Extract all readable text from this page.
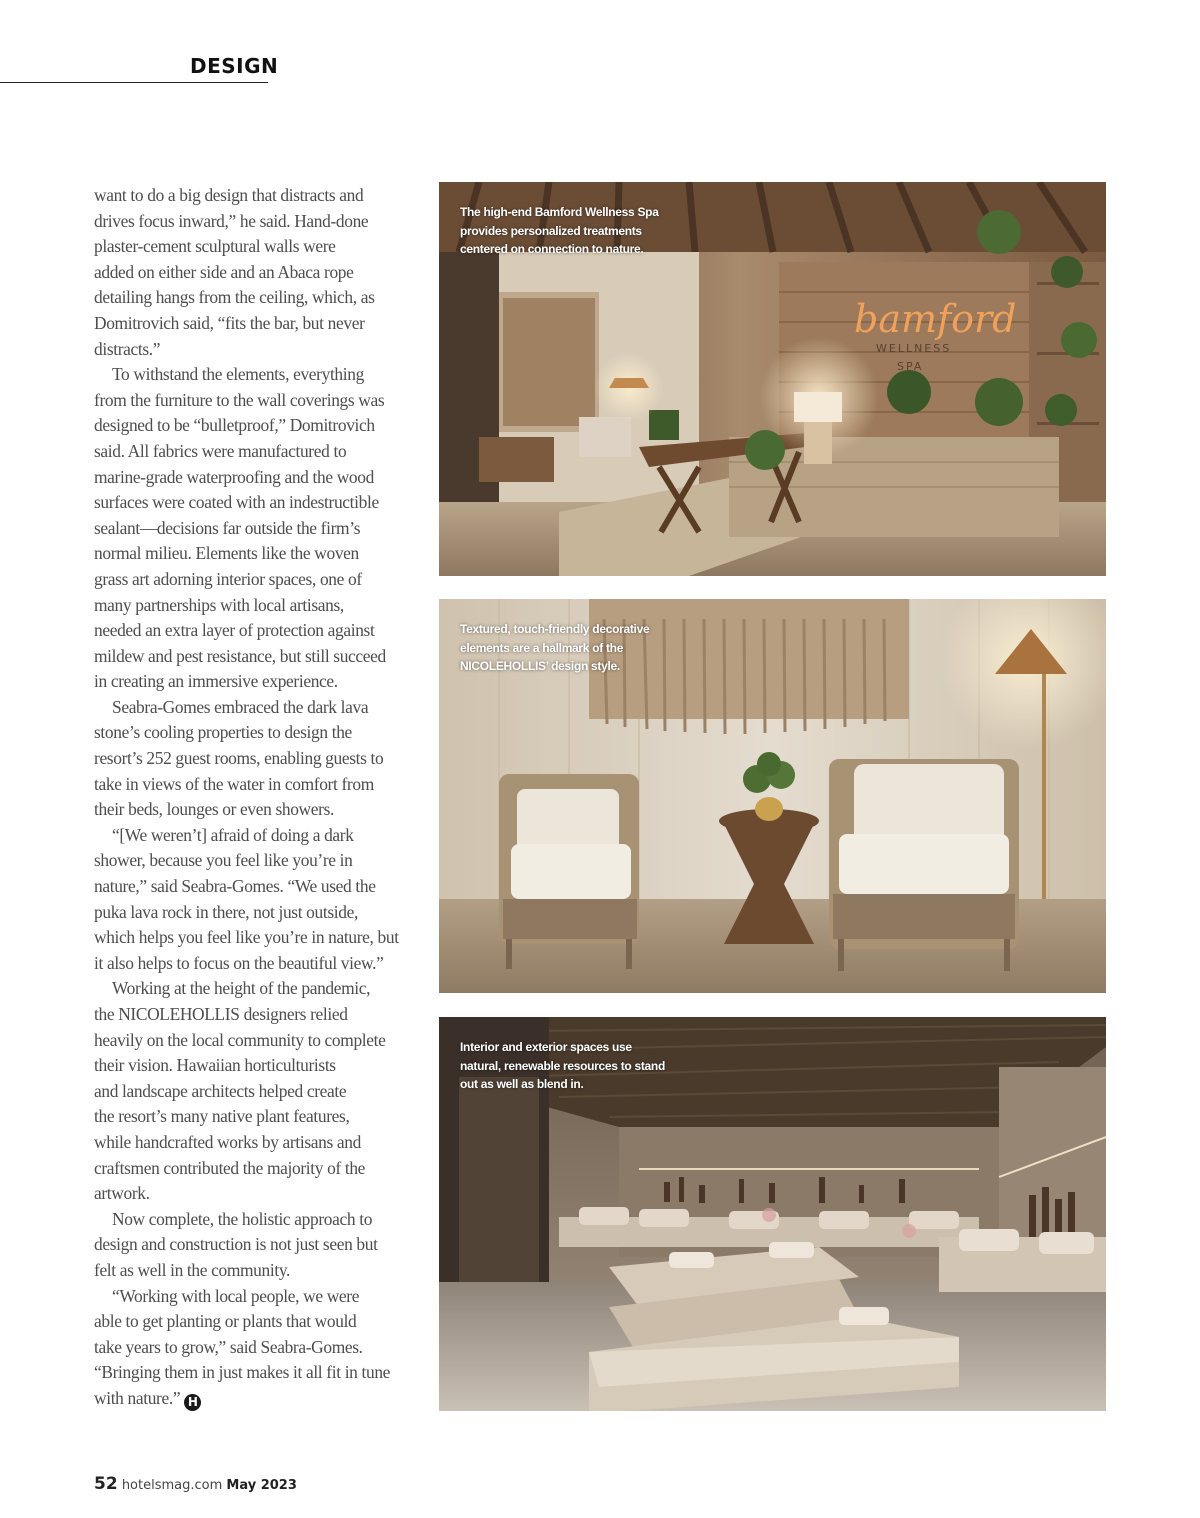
DESIGN
want to do a big design that distracts and
drives focus inward,” he said. Hand-done
plaster-cement sculptural walls were
added on either side and an Abaca rope
detailing hangs from the ceiling, which, as
Domitrovich said, “fits the bar, but never
distracts.”
To withstand the elements, everything
from the furniture to the wall coverings was
designed to be “bulletproof,” Domitrovich
said. All fabrics were manufactured to
marine-grade waterproofing and the wood
surfaces were coated with an indestructible
sealant—decisions far outside the firm’s
normal milieu. Elements like the woven
grass art adorning interior spaces, one of
many partnerships with local artisans,
needed an extra layer of protection against
mildew and pest resistance, but still succeed
in creating an immersive experience.
Seabra-Gomes embraced the dark lava
stone’s cooling properties to design the
resort’s 252 guest rooms, enabling guests to
take in views of the water in comfort from
their beds, lounges or even showers.
“[We weren’t] afraid of doing a dark
shower, because you feel like you’re in
nature,” said Seabra-Gomes. “We used the
puka lava rock in there, not just outside,
which helps you feel like you’re in nature, but
it also helps to focus on the beautiful view.”
Working at the height of the pandemic,
the NICOLEHOLLIS designers relied
heavily on the local community to complete
their vision. Hawaiian horticulturists
and landscape architects helped create
the resort’s many native plant features,
while handcrafted works by artisans and
craftsmen contributed the majority of the
artwork.
Now complete, the holistic approach to
design and construction is not just seen but
felt as well in the community.
“Working with local people, we were
able to get planting or plants that would
take years to grow,” said Seabra-Gomes.
“Bringing them in just makes it all fit in tune
with nature.” H
bamford
WELLNESS
SPA
The high-end Bamford Wellness Spa provides personalized treatments centered on connection to nature.
Textured, touch-friendly decorative elements are a hallmark of the NICOLEHOLLIS’ design style.
Interior and exterior spaces use natural, renewable resources to stand out as well as blend in.
52 hotelsmag.com May 2023
